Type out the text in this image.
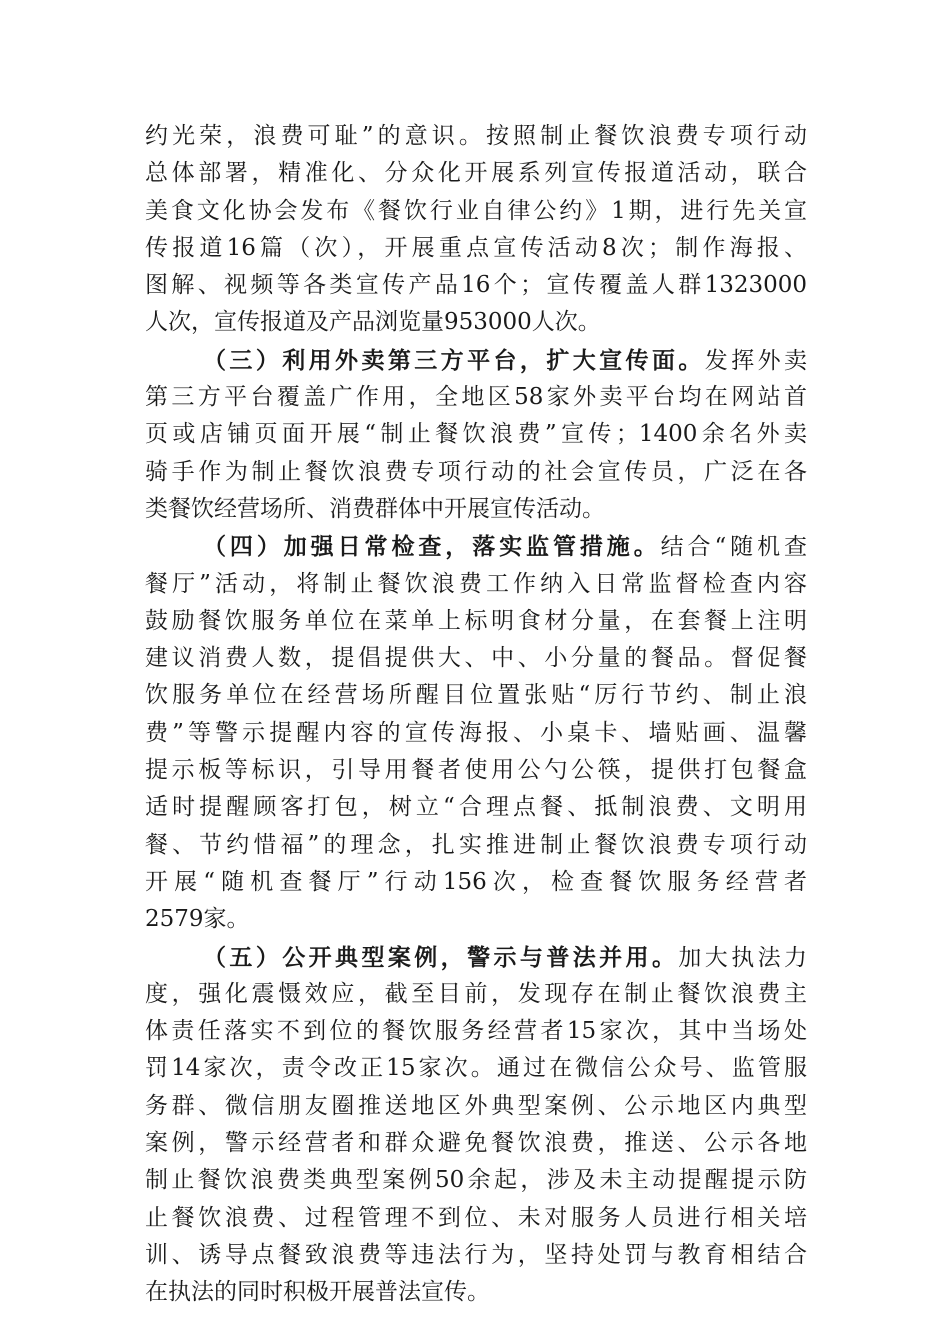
约光荣，浪费可耻”的意识。按照制止餐饮浪费专项行动
总体部署，精准化、分众化开展系列宣传报道活动，联合
美食文化协会发布《餐饮行业自律公约》1期，进行先关宣
传报道16篇（次），开展重点宣传活动8次；制作海报、
图解、视频等各类宣传产品16个；宣传覆盖人群1323000
人次，宣传报道及产品浏览量953000人次。
（三）利用外卖第三方平台，扩大宣传面。发挥外卖
第三方平台覆盖广作用，全地区58家外卖平台均在网站首
页或店铺页面开展“制止餐饮浪费”宣传；1400余名外卖
骑手作为制止餐饮浪费专项行动的社会宣传员，广泛在各
类餐饮经营场所、消费群体中开展宣传活动。
（四）加强日常检查，落实监管措施。结合“随机查
餐厅”活动，将制止餐饮浪费工作纳入日常监督检查内容
鼓励餐饮服务单位在菜单上标明食材分量，在套餐上注明
建议消费人数，提倡提供大、中、小分量的餐品。督促餐
饮服务单位在经营场所醒目位置张贴“厉行节约、制止浪
费”等警示提醒内容的宣传海报、小桌卡、墙贴画、温馨
提示板等标识，引导用餐者使用公勺公筷，提供打包餐盒
适时提醒顾客打包，树立“合理点餐、抵制浪费、文明用
餐、节约惜福”的理念，扎实推进制止餐饮浪费专项行动
开展“随机查餐厅”行动156次，检查餐饮服务经营者
2579家。
（五）公开典型案例，警示与普法并用。加大执法力
度，强化震慑效应，截至目前，发现存在制止餐饮浪费主
体责任落实不到位的餐饮服务经营者15家次，其中当场处
罚14家次，责令改正15家次。通过在微信公众号、监管服
务群、微信朋友圈推送地区外典型案例、公示地区内典型
案例，警示经营者和群众避免餐饮浪费，推送、公示各地
制止餐饮浪费类典型案例50余起，涉及未主动提醒提示防
止餐饮浪费、过程管理不到位、未对服务人员进行相关培
训、诱导点餐致浪费等违法行为，坚持处罚与教育相结合
在执法的同时积极开展普法宣传。
